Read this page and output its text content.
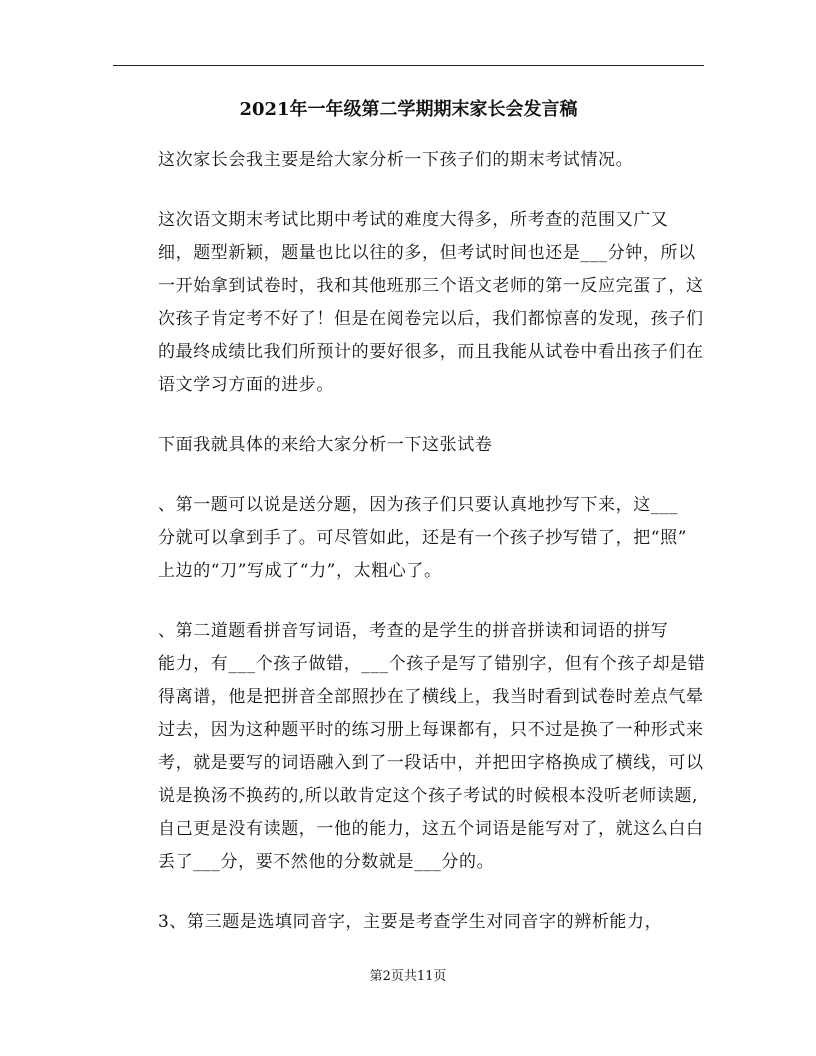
2021年一年级第二学期期末家长会发言稿

这次家长会我主要是给大家分析一下孩子们的期末考试情况。

这次语文期末考试比期中考试的难度大得多，所考查的范围又广又
细，题型新颖，题量也比以往的多，但考试时间也还是___分钟，所以
一开始拿到试卷时，我和其他班那三个语文老师的第一反应完蛋了，这
次孩子肯定考不好了！但是在阅卷完以后，我们都惊喜的发现，孩子们
的最终成绩比我们所预计的要好很多，而且我能从试卷中看出孩子们在
语文学习方面的进步。

下面我就具体的来给大家分析一下这张试卷

、第一题可以说是送分题，因为孩子们只要认真地抄写下来，这___
分就可以拿到手了。可尽管如此，还是有一个孩子抄写错了，把“照”
上边的“刀”写成了“力”，太粗心了。

、第二道题看拼音写词语，考查的是学生的拼音拼读和词语的拼写
能力，有___个孩子做错，___个孩子是写了错别字，但有个孩子却是错
得离谱，他是把拼音全部照抄在了横线上，我当时看到试卷时差点气晕
过去，因为这种题平时的练习册上每课都有，只不过是换了一种形式来
考，就是要写的词语融入到了一段话中，并把田字格换成了横线，可以
说是换汤不换药的,所以敢肯定这个孩子考试的时候根本没听老师读题,
自己更是没有读题，一他的能力，这五个词语是能写对了，就这么白白
丢了___分，要不然他的分数就是___分的。

3、第三题是选填同音字，主要是考查学生对同音字的辨析能力，

第2页共11页
